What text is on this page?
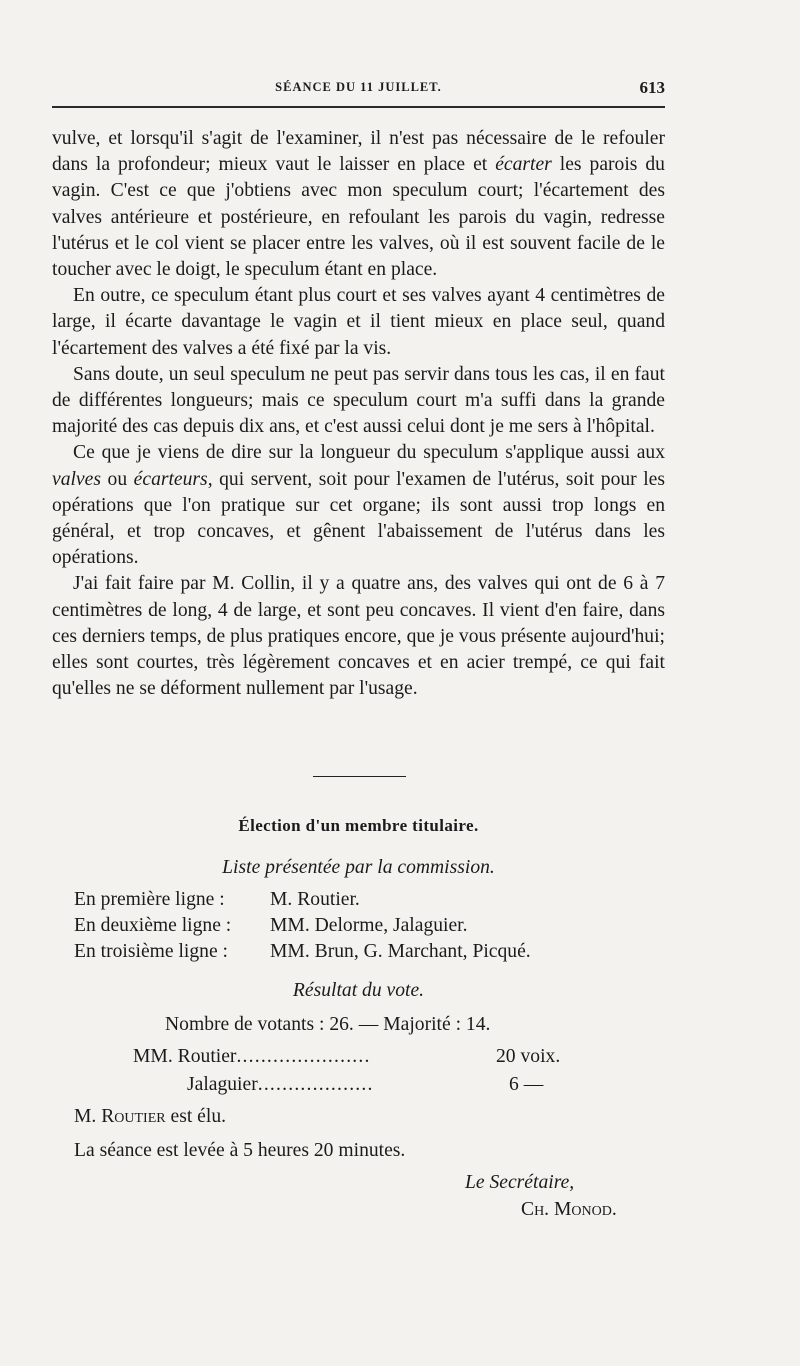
SÉANCE DU 11 JUILLET.	613

vulve, et lorsqu'il s'agit de l'examiner, il n'est pas nécessaire de le refouler dans la profondeur; mieux vaut le laisser en place et écarter les parois du vagin. C'est ce que j'obtiens avec mon speculum court; l'écartement des valves antérieure et postérieure, en refoulant les parois du vagin, redresse l'utérus et le col vient se placer entre les valves, où il est souvent facile de le toucher avec le doigt, le speculum étant en place.

En outre, ce speculum étant plus court et ses valves ayant 4 centimètres de large, il écarte davantage le vagin et il tient mieux en place seul, quand l'écartement des valves a été fixé par la vis.

Sans doute, un seul speculum ne peut pas servir dans tous les cas, il en faut de différentes longueurs; mais ce speculum court m'a suffi dans la grande majorité des cas depuis dix ans, et c'est aussi celui dont je me sers à l'hôpital.

Ce que je viens de dire sur la longueur du speculum s'applique aussi aux valves ou écarteurs, qui servent, soit pour l'examen de l'utérus, soit pour les opérations que l'on pratique sur cet organe; ils sont aussi trop longs en général, et trop concaves, et gênent l'abaissement de l'utérus dans les opérations.

J'ai fait faire par M. Collin, il y a quatre ans, des valves qui ont de 6 à 7 centimètres de long, 4 de large, et sont peu concaves. Il vient d'en faire, dans ces derniers temps, de plus pratiques encore, que je vous présente aujourd'hui; elles sont courtes, très légèrement concaves et en acier trempé, ce qui fait qu'elles ne se déforment nullement par l'usage.

Élection d'un membre titulaire.
Liste présentée par la commission.
En première ligne : M. Routier.
En deuxième ligne : MM. Delorme, Jalaguier.
En troisième ligne : MM. Brun, G. Marchant, Picqué.
Résultat du vote.
Nombre de votants : 26. — Majorité : 14.
MM. Routier......................	20 voix.
Jalaguier...................	6 —
M. Routier est élu.
La séance est levée à 5 heures 20 minutes.
Le Secrétaire,
Ch. Monod.
